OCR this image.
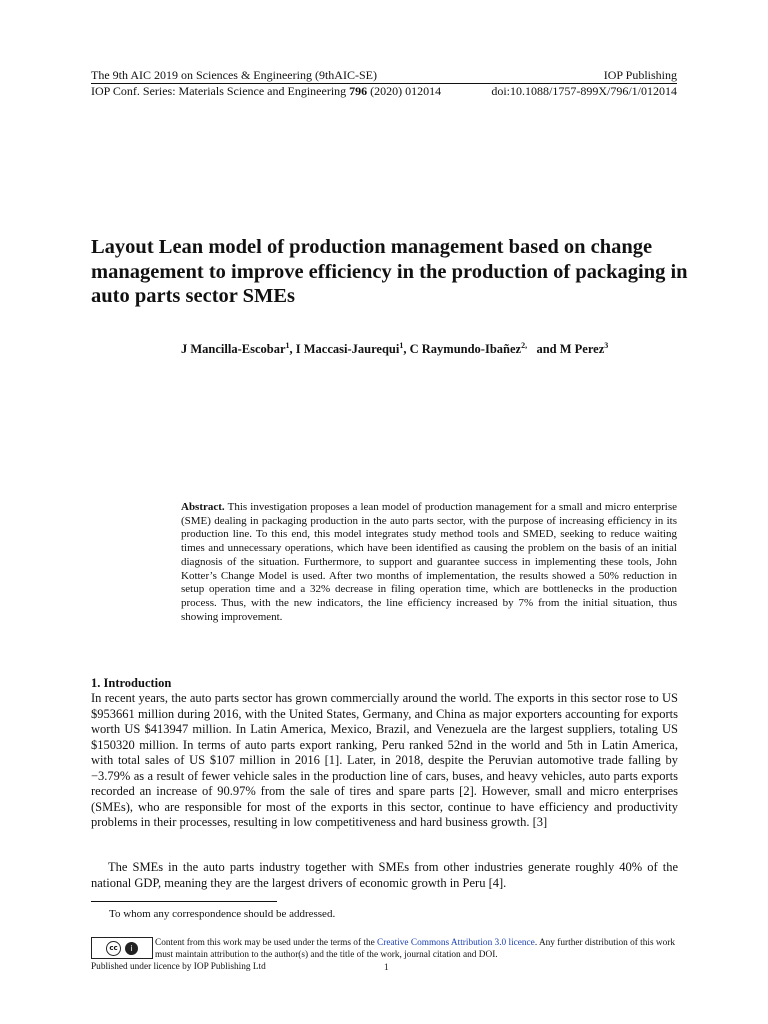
The 9th AIC 2019 on Sciences & Engineering (9thAIC-SE)	IOP Publishing
IOP Conf. Series: Materials Science and Engineering 796 (2020) 012014	doi:10.1088/1757-899X/796/1/012014
Layout Lean model of production management based on change management to improve efficiency in the production of packaging in auto parts sector SMEs
J Mancilla-Escobar$^1$, I Maccasi-Jaurequi$^1$, C Raymundo-Ibañez$^{2,}$   and M Perez$^3$
Abstract. This investigation proposes a lean model of production management for a small and micro enterprise (SME) dealing in packaging production in the auto parts sector, with the purpose of increasing efficiency in its production line. To this end, this model integrates study method tools and SMED, seeking to reduce waiting times and unnecessary operations, which have been identified as causing the problem on the basis of an initial diagnosis of the situation. Furthermore, to support and guarantee success in implementing these tools, John Kotter’s Change Model is used. After two months of implementation, the results showed a 50% reduction in setup operation time and a 32% decrease in filing operation time, which are bottlenecks in the production process. Thus, with the new indicators, the line efficiency increased by 7% from the initial situation, thus showing improvement.
1. Introduction
In recent years, the auto parts sector has grown commercially around the world. The exports in this sector rose to US $953661 million during 2016, with the United States, Germany, and China as major exporters accounting for exports worth US $413947 million. In Latin America, Mexico, Brazil, and Venezuela are the largest suppliers, totaling US $150320 million. In terms of auto parts export ranking, Peru ranked 52nd in the world and 5th in Latin America, with total sales of US $107 million in 2016 [1]. Later, in 2018, despite the Peruvian automotive trade falling by −3.79% as a result of fewer vehicle sales in the production line of cars, buses, and heavy vehicles, auto parts exports recorded an increase of 90.97% from the sale of tires and spare parts [2]. However, small and micro enterprises (SMEs), who are responsible for most of the exports in this sector, continue to have efficiency and productivity problems in their processes, resulting in low competitiveness and hard business growth. [3]
The SMEs in the auto parts industry together with SMEs from other industries generate roughly 40% of the national GDP, meaning they are the largest drivers of economic growth in Peru [4].
To whom any correspondence should be addressed.
cc	i	Content from this work may be used under the terms of the Creative Commons Attribution 3.0 licence. Any further distribution of this work must maintain attribution to the author(s) and the title of the work, journal citation and DOI.
Published under licence by IOP Publishing Ltd	1
